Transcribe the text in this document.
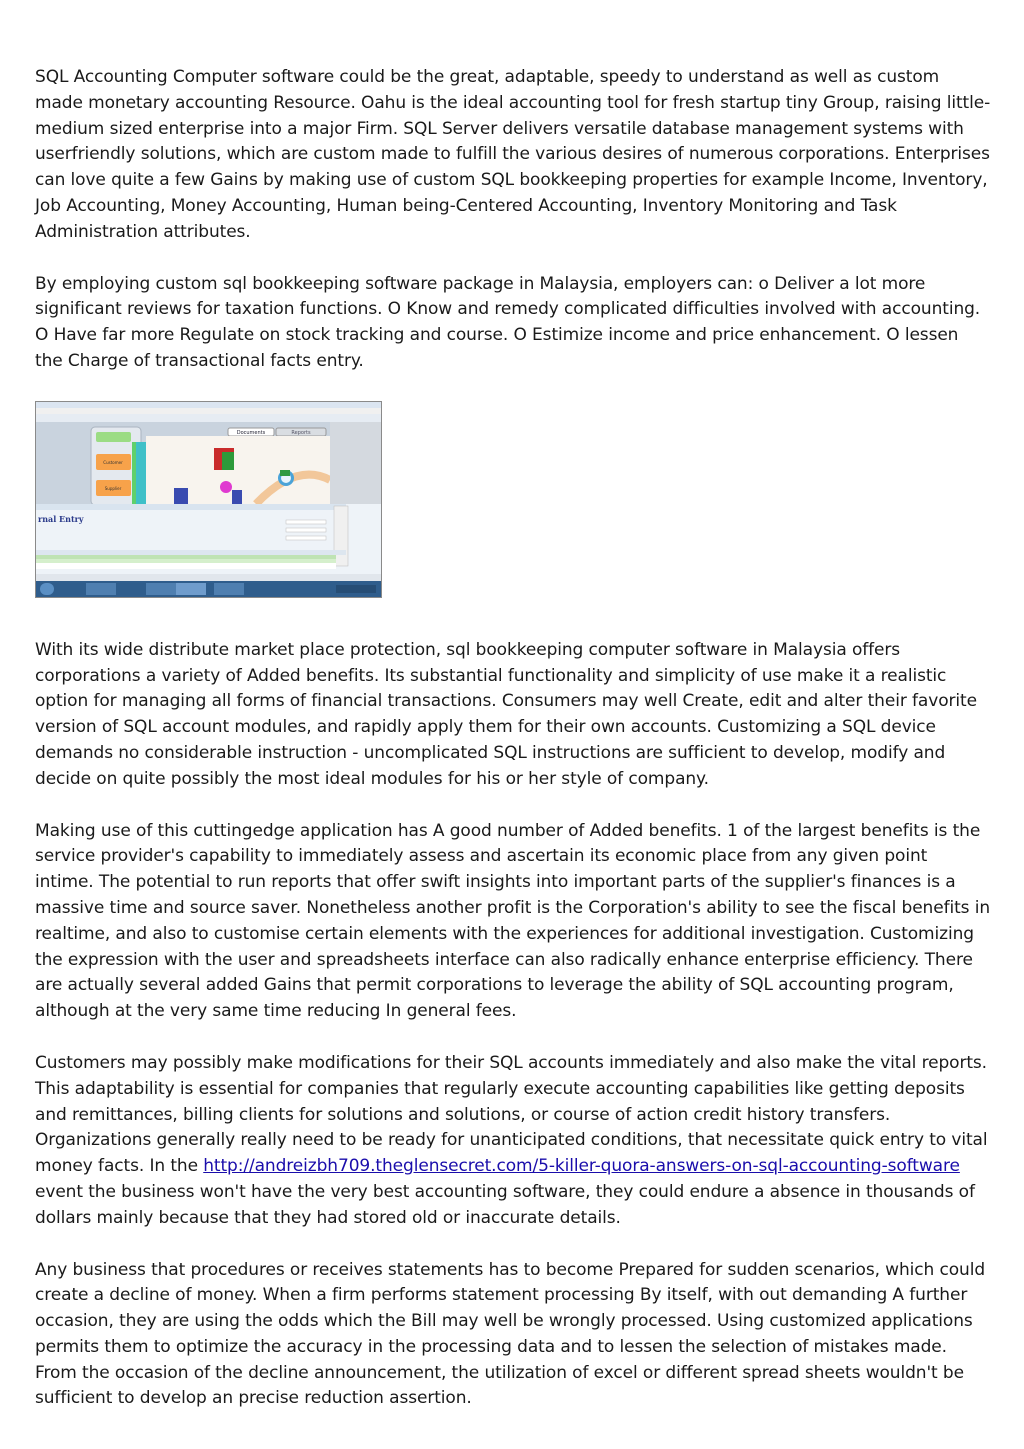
SQL Accounting Computer software could be the great, adaptable, speedy to understand as well as custom made monetary accounting Resource. Oahu is the ideal accounting tool for fresh startup tiny Group, raising little-medium sized enterprise into a major Firm. SQL Server delivers versatile database management systems with userfriendly solutions, which are custom made to fulfill the various desires of numerous corporations. Enterprises can love quite a few Gains by making use of custom SQL bookkeeping properties for example Income, Inventory, Job Accounting, Money Accounting, Human being-Centered Accounting, Inventory Monitoring and Task Administration attributes.

By employing custom sql bookkeeping software package in Malaysia, employers can: o Deliver a lot more significant reviews for taxation functions. O Know and remedy complicated difficulties involved with accounting. O Have far more Regulate on stock tracking and course. O Estimize income and price enhancement. O lessen the Charge of transactional facts entry.

Customer
Supplier
Documents	Reports
rnal Entry

With its wide distribute market place protection, sql bookkeeping computer software in Malaysia offers corporations a variety of Added benefits. Its substantial functionality and simplicity of use make it a realistic option for managing all forms of financial transactions. Consumers may well Create, edit and alter their favorite version of SQL account modules, and rapidly apply them for their own accounts. Customizing a SQL device demands no considerable instruction - uncomplicated SQL instructions are sufficient to develop, modify and decide on quite possibly the most ideal modules for his or her style of company.

Making use of this cuttingedge application has A good number of Added benefits. 1 of the largest benefits is the service provider's capability to immediately assess and ascertain its economic place from any given point intime. The potential to run reports that offer swift insights into important parts of the supplier's finances is a massive time and source saver. Nonetheless another profit is the Corporation's ability to see the fiscal benefits in realtime, and also to customise certain elements with the experiences for additional investigation. Customizing the expression with the user and spreadsheets interface can also radically enhance enterprise efficiency. There are actually several added Gains that permit corporations to leverage the ability of SQL accounting program, although at the very same time reducing In general fees.

Customers may possibly make modifications for their SQL accounts immediately and also make the vital reports. This adaptability is essential for companies that regularly execute accounting capabilities like getting deposits and remittances, billing clients for solutions and solutions, or course of action credit history transfers. Organizations generally really need to be ready for unanticipated conditions, that necessitate quick entry to vital money facts. In the http://andreizbh709.theglensecret.com/5-killer-quora-answers-on-sql-accounting-software event the business won't have the very best accounting software, they could endure a absence in thousands of dollars mainly because that they had stored old or inaccurate details.

Any business that procedures or receives statements has to become Prepared for sudden scenarios, which could create a decline of money. When a firm performs statement processing By itself, with out demanding A further occasion, they are using the odds which the Bill may well be wrongly processed. Using customized applications permits them to optimize the accuracy in the processing data and to lessen the selection of mistakes made. From the occasion of the decline announcement, the utilization of excel or different spread sheets wouldn't be sufficient to develop an precise reduction assertion.
